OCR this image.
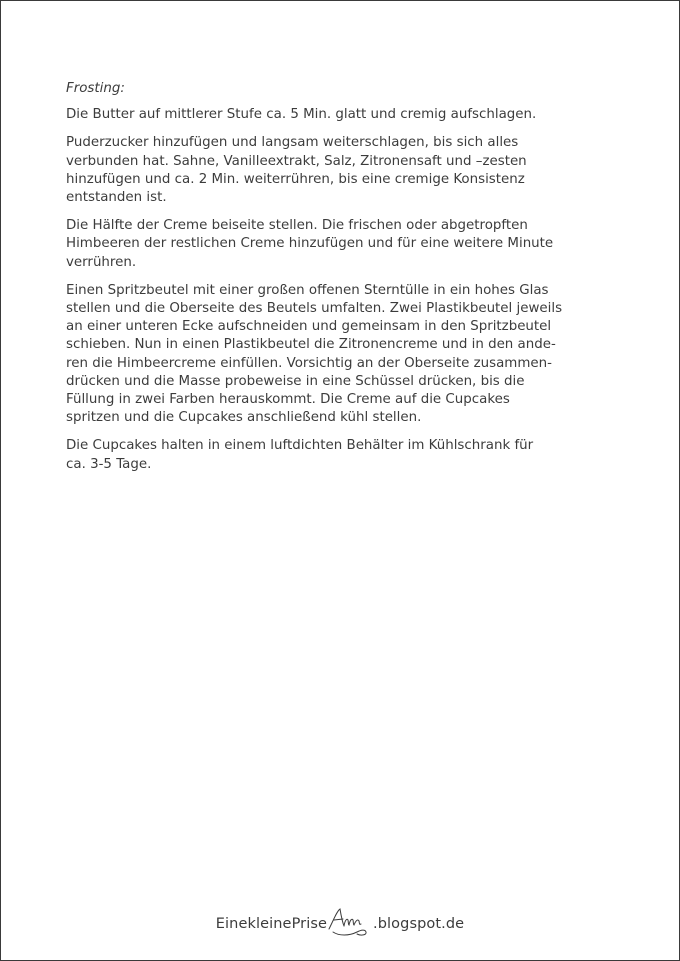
Frosting:
Die Butter auf mittlerer Stufe ca. 5 Min. glatt und cremig aufschlagen.
Puderzucker hinzufügen und langsam weiterschlagen, bis sich alles
verbunden hat. Sahne, Vanilleextrakt, Salz, Zitronensaft und –zesten
hinzufügen und ca. 2 Min. weiterrühren, bis eine cremige Konsistenz
entstanden ist.
Die Hälfte der Creme beiseite stellen. Die frischen oder abgetropften
Himbeeren der restlichen Creme hinzufügen und für eine weitere Minute
verrühren.
Einen Spritzbeutel mit einer großen offenen Sterntülle in ein hohes Glas
stellen und die Oberseite des Beutels umfalten. Zwei Plastikbeutel jeweils
an einer unteren Ecke aufschneiden und gemeinsam in den Spritzbeutel
schieben. Nun in einen Plastikbeutel die Zitronencreme und in den ande-
ren die Himbeercreme einfüllen. Vorsichtig an der Oberseite zusammen-
drücken und die Masse probeweise in eine Schüssel drücken, bis die
Füllung in zwei Farben herauskommt. Die Creme auf die Cupcakes
spritzen und die Cupcakes anschließend kühl stellen.
Die Cupcakes halten in einem luftdichten Behälter im Kühlschrank für
ca. 3-5 Tage.
EinekleinePrise	.blogspot.de
